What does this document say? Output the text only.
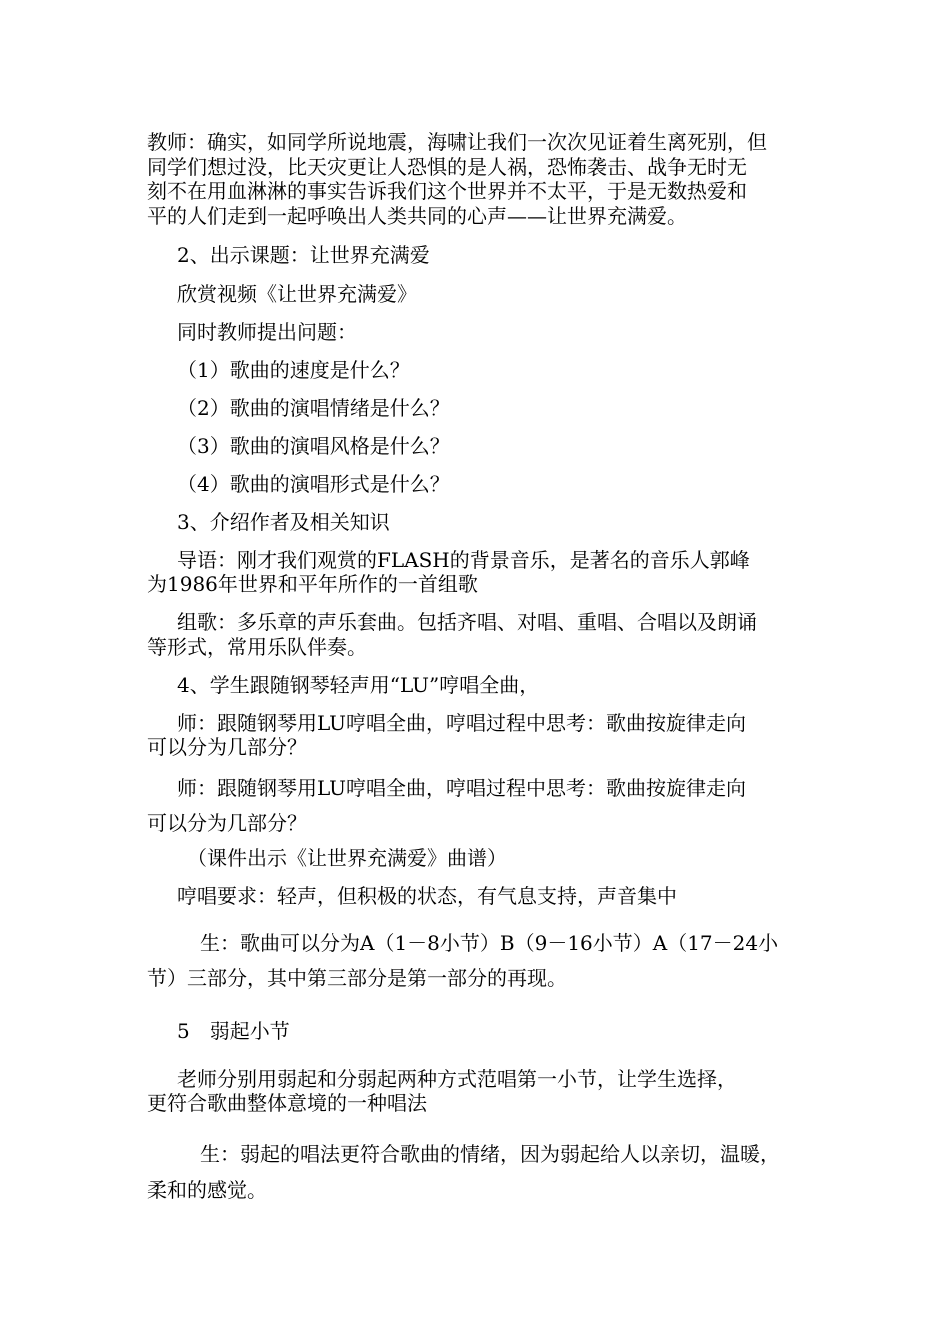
教师：确实，如同学所说地震，海啸让我们一次次见证着生离死别，但
同学们想过没，比天灾更让人恐惧的是人祸，恐怖袭击、战争无时无
刻不在用血淋淋的事实告诉我们这个世界并不太平，于是无数热爱和
平的人们走到一起呼唤出人类共同的心声——让世界充满爱。
2、出示课题：让世界充满爱
欣赏视频《让世界充满爱》
同时教师提出问题：
（1）歌曲的速度是什么？
（2）歌曲的演唱情绪是什么？
（3）歌曲的演唱风格是什么？
（4）歌曲的演唱形式是什么？
3、介绍作者及相关知识
导语：刚才我们观赏的FLASH的背景音乐，是著名的音乐人郭峰
为1986年世界和平年所作的一首组歌
组歌：多乐章的声乐套曲。包括齐唱、对唱、重唱、合唱以及朗诵
等形式，常用乐队伴奏。
4、学生跟随钢琴轻声用“LU”哼唱全曲，
师：跟随钢琴用LU哼唱全曲，哼唱过程中思考：歌曲按旋律走向
可以分为几部分？
师：跟随钢琴用LU哼唱全曲，哼唱过程中思考：歌曲按旋律走向
可以分为几部分？
（课件出示《让世界充满爱》曲谱）
哼唱要求：轻声，但积极的状态，有气息支持，声音集中
生：歌曲可以分为A（1－8小节）B（9－16小节）A（17－24小
节）三部分，其中第三部分是第一部分的再现。
5　弱起小节
老师分别用弱起和分弱起两种方式范唱第一小节，让学生选择，
更符合歌曲整体意境的一种唱法
生：弱起的唱法更符合歌曲的情绪，因为弱起给人以亲切，温暖，
柔和的感觉。
